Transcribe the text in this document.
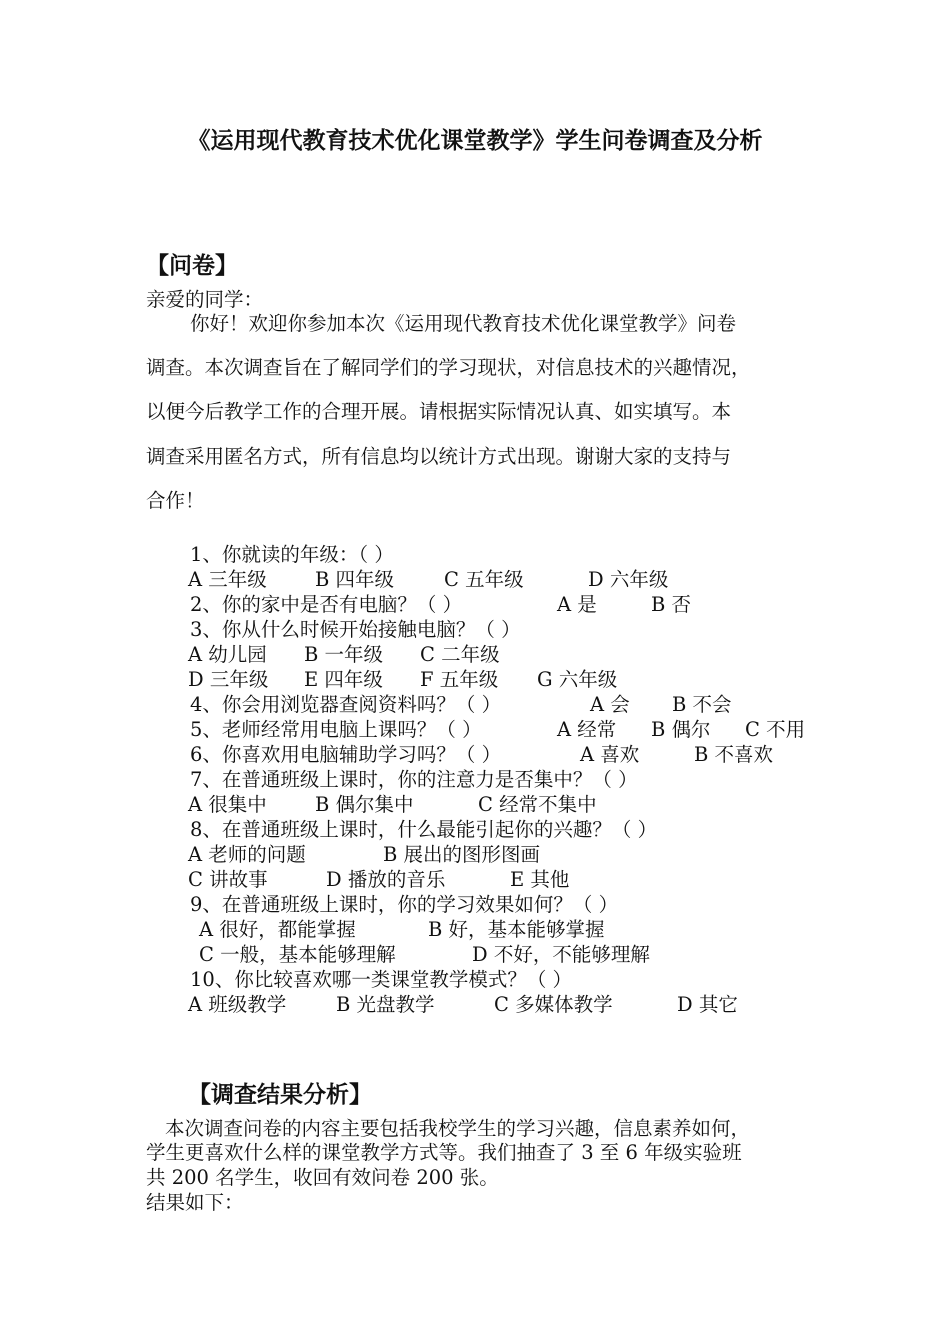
《运用现代教育技术优化课堂教学》学生问卷调查及分析
【问卷】
亲爱的同学：
你好！欢迎你参加本次《运用现代教育技术优化课堂教学》问卷
调查。本次调查旨在了解同学们的学习现状，对信息技术的兴趣情况，
以便今后教学工作的合理开展。请根据实际情况认真、如实填写。本
调查采用匿名方式，所有信息均以统计方式出现。谢谢大家的支持与
合作！
1、你就读的年级：（ ）
A 三年级 B 四年级	C 五年级	D 六年级
2、你的家中是否有电脑？（ ）	A 是	B 否
3、你从什么时候开始接触电脑？（ ）
A 幼儿园 B 一年级 C 二年级
D 三年级 E 四年级 F 五年级 G 六年级
4、你会用浏览器查阅资料吗？（ ）	A 会 B 不会
5、老师经常用电脑上课吗？（ ）	A 经常 B 偶尔 C 不用
6、你喜欢用电脑辅助学习吗？（ ）	A 喜欢	B 不喜欢
7、在普通班级上课时，你的注意力是否集中？（ ）
A 很集中 B 偶尔集中	C 经常不集中
8、在普通班级上课时，什么最能引起你的兴趣？（ ）
A 老师的问题	B 展出的图形图画
C 讲故事	D 播放的音乐	E 其他
9、在普通班级上课时，你的学习效果如何？（ ）
A 很好，都能掌握	B 好，基本能够掌握
C 一般，基本能够理解	D 不好，不能够理解
10、你比较喜欢哪一类课堂教学模式？（ ）
A 班级教学	B 光盘教学	C 多媒体教学	D 其它
【调查结果分析】
本次调查问卷的内容主要包括我校学生的学习兴趣，信息素养如何，
学生更喜欢什么样的课堂教学方式等。我们抽查了 3 至 6 年级实验班
共 200 名学生，收回有效问卷 200 张。
结果如下：
